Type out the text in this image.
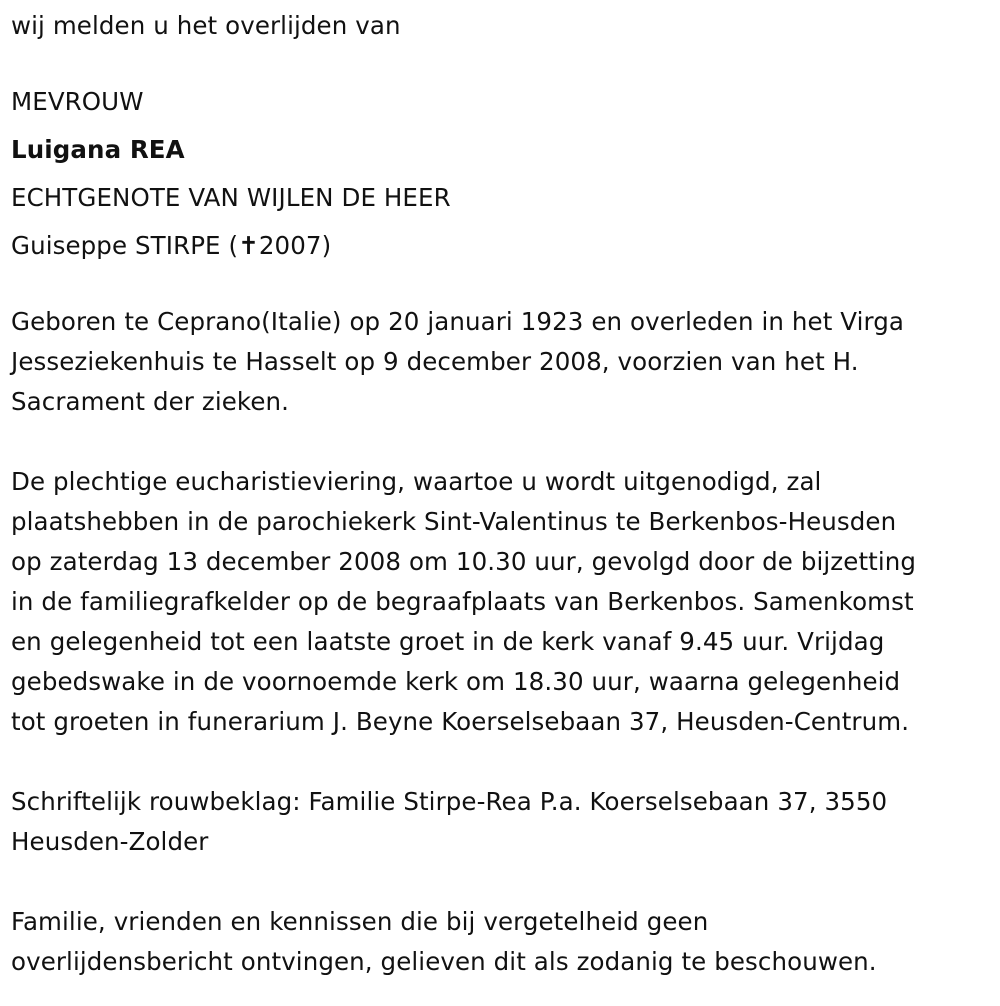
wij melden u het overlijden van

MEVROUW

Luigana REA

ECHTGENOTE VAN WIJLEN DE HEER

Guiseppe STIRPE (✝2007)

Geboren te Ceprano(Italie) op 20 januari 1923 en overleden in het Virga

Jesseziekenhuis te Hasselt op 9 december 2008, voorzien van het H.

Sacrament der zieken.

De plechtige eucharistieviering, waartoe u wordt uitgenodigd, zal

plaatshebben in de parochiekerk Sint-Valentinus te Berkenbos-Heusden

op zaterdag 13 december 2008 om 10.30 uur, gevolgd door de bijzetting

in de familiegrafkelder op de begraafplaats van Berkenbos. Samenkomst

en gelegenheid tot een laatste groet in de kerk vanaf 9.45 uur. Vrijdag

gebedswake in de voornoemde kerk om 18.30 uur, waarna gelegenheid

tot groeten in funerarium J. Beyne Koerselsebaan 37, Heusden-Centrum.

Schriftelijk rouwbeklag: Familie Stirpe-Rea P.a. Koerselsebaan 37, 3550

Heusden-Zolder

Familie, vrienden en kennissen die bij vergetelheid geen

overlijdensbericht ontvingen, gelieven dit als zodanig te beschouwen.
